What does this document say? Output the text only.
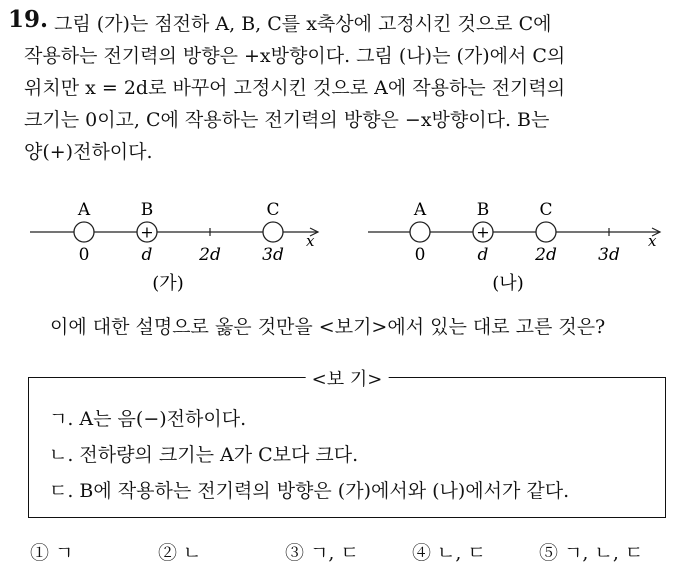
19. 그림 (가)는 점전하 A, B, C를 x축상에 고정시킨 것으로 C에
작용하는 전기력의 방향은 +x방향이다. 그림 (나)는 (가)에서 C의
위치만 x = 2d로 바꾸어 고정시킨 것으로 A에 작용하는 전기력의
크기는 0이고, C에 작용하는 전기력의 방향은 −x방향이다. B는
양(+)전하이다.
x
0	d	2d 3d
A
+
B	C
(가)
x
0	d	2d 3d
A
+
B	C
(나)
이에 대한 설명으로 옳은 것만을 <보기>에서 있는 대로 고른 것은?
<보 기>
ㄱ. A는 음(−)전하이다.
ㄴ. 전하량의 크기는 A가 C보다 크다.
ㄷ. B에 작용하는 전기력의 방향은 (가)에서와 (나)에서가 같다.
① ㄱ	② ㄴ	③ ㄱ, ㄷ	④ ㄴ, ㄷ	⑤ ㄱ, ㄴ, ㄷ
